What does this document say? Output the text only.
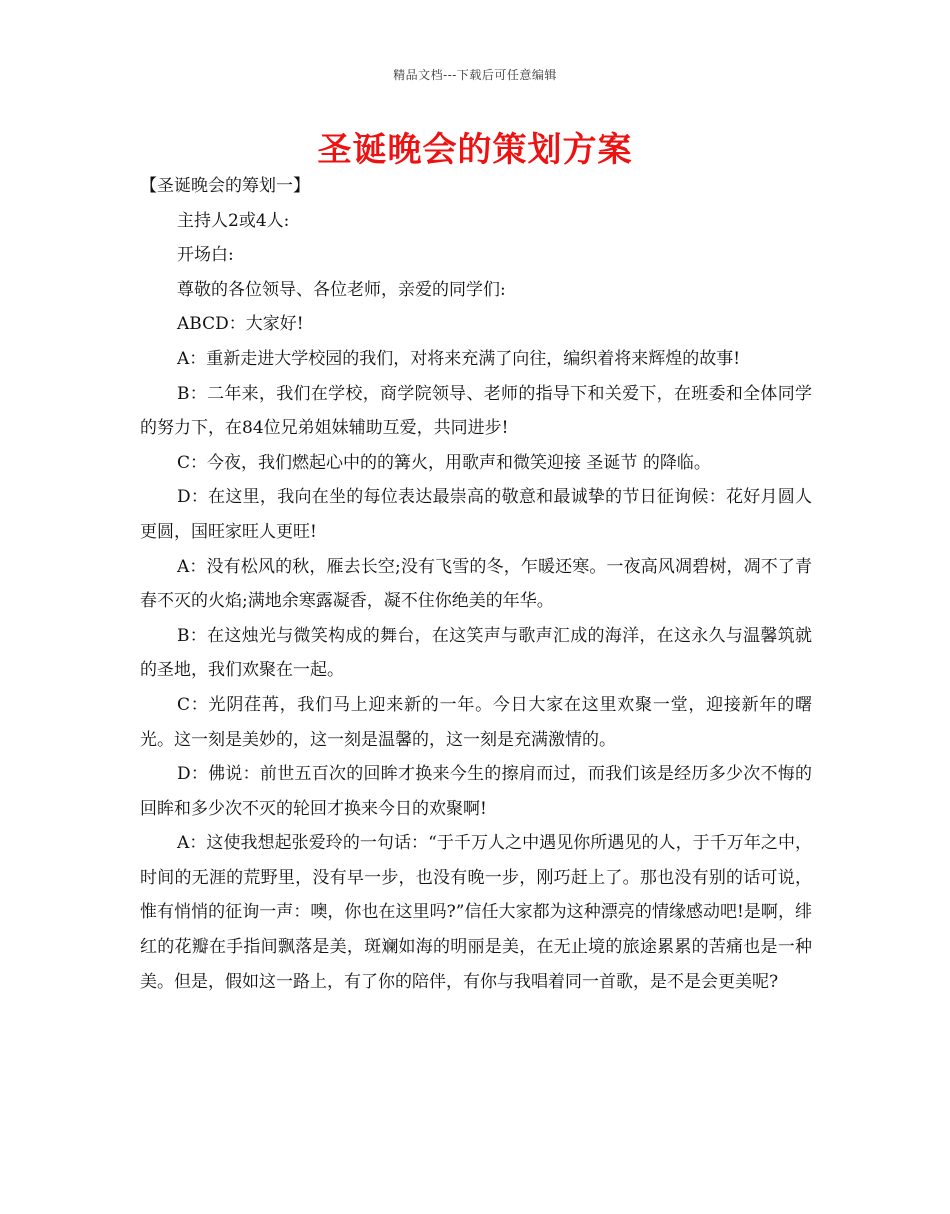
精品文档---下载后可任意编辑
圣诞晚会的策划方案

【圣诞晚会的筹划一】

主持人2或4人:

开场白:

尊敬的各位领导、各位老师，亲爱的同学们:

ABCD：大家好!

A：重新走进大学校园的我们，对将来充满了向往，编织着将来辉煌的故事!

B：二年来，我们在学校，商学院领导、老师的指导下和关爱下，在班委和全体同学的努力下，在84位兄弟姐妹辅助互爱，共同进步!

C：今夜，我们燃起心中的的篝火，用歌声和微笑迎接 圣诞节 的降临。

D：在这里，我向在坐的每位表达最崇高的敬意和最诚挚的节日征询候：花好月圆人更圆，国旺家旺人更旺!

A：没有松风的秋，雁去长空;没有飞雪的冬，乍暖还寒。一夜高风凋碧树，凋不了青春不灭的火焰;满地余寒露凝香，凝不住你绝美的年华。

B：在这烛光与微笑构成的舞台，在这笑声与歌声汇成的海洋，在这永久与温馨筑就的圣地，我们欢聚在一起。

C：光阴荏苒，我们马上迎来新的一年。今日大家在这里欢聚一堂，迎接新年的曙光。这一刻是美妙的，这一刻是温馨的，这一刻是充满激情的。

D：佛说：前世五百次的回眸才换来今生的擦肩而过，而我们该是经历多少次不悔的回眸和多少次不灭的轮回才换来今日的欢聚啊!

A：这使我想起张爱玲的一句话：“于千万人之中遇见你所遇见的人，于千万年之中，时间的无涯的荒野里，没有早一步，也没有晚一步，刚巧赶上了。那也没有别的话可说，惟有悄悄的征询一声：噢，你也在这里吗?”信任大家都为这种漂亮的情缘感动吧!是啊，绯红的花瓣在手指间飘落是美，斑斓如海的明丽是美，在无止境的旅途累累的苦痛也是一种美。但是，假如这一路上，有了你的陪伴，有你与我唱着同一首歌，是不是会更美呢?
